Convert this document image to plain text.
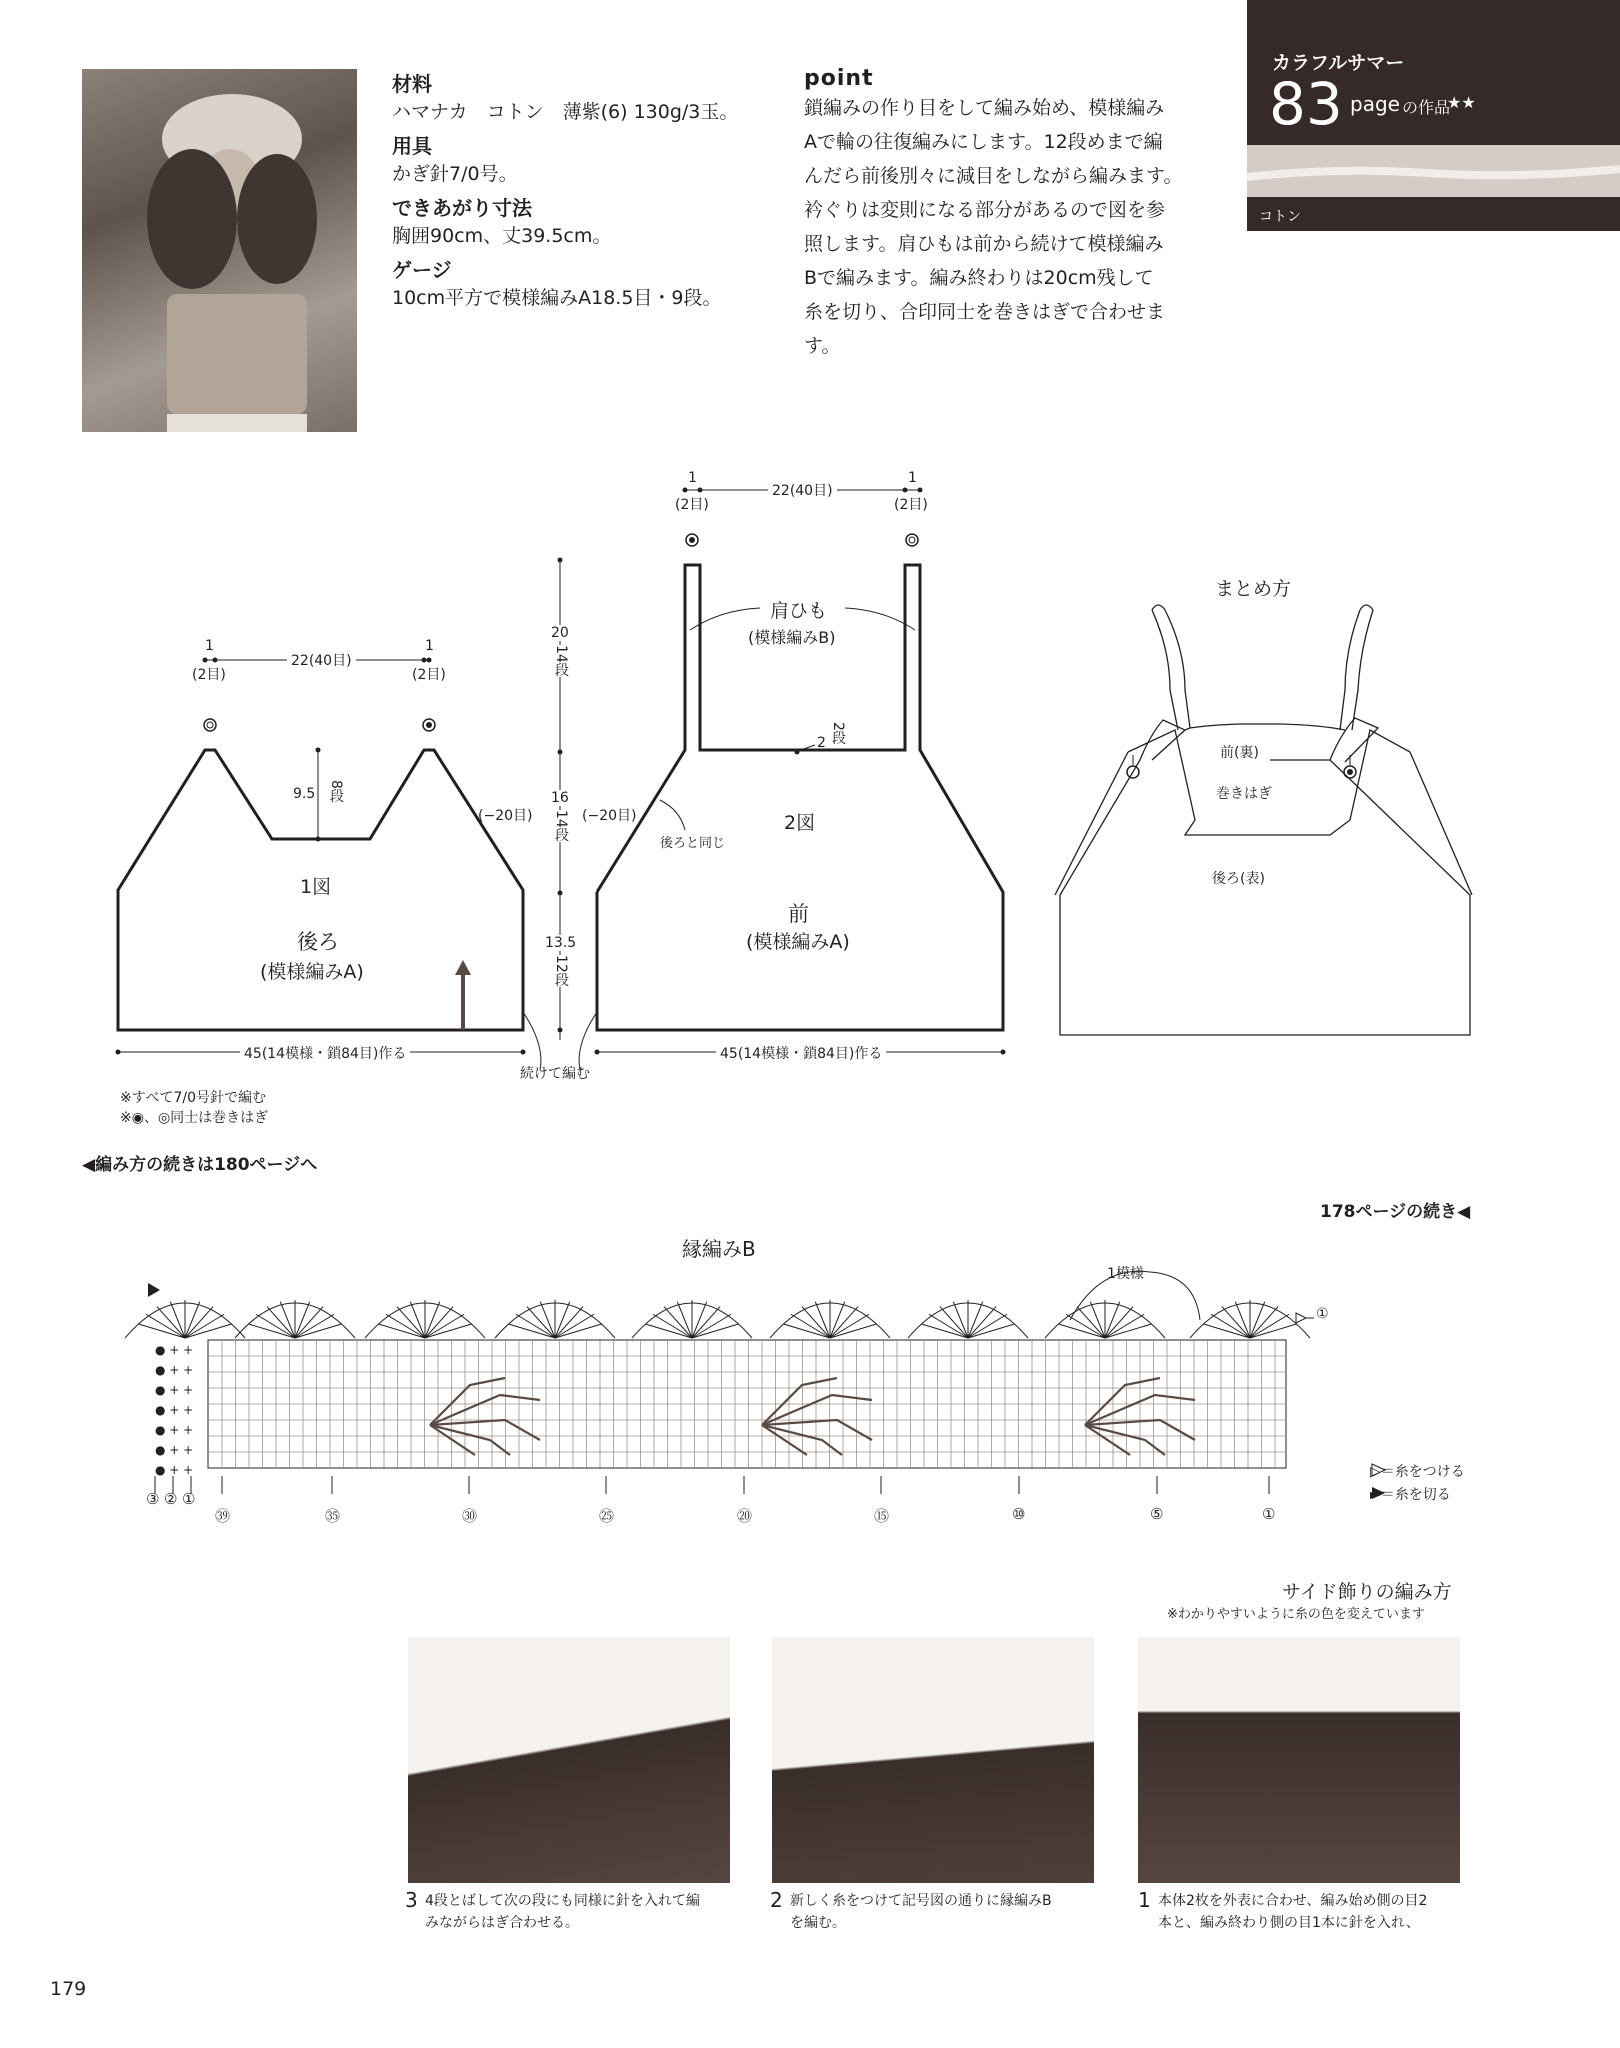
材料
ハマナカ　コトン　薄紫(6) 130g/3玉。
用具
かぎ針7/0号。
できあがり寸法
胸囲90cm、丈39.5cm。
ゲージ
10cm平方で模様編みA18.5目・9段。
point
鎖編みの作り目をして編み始め、模様編み
Aで輪の往復編みにします。12段めまで編
んだら前後別々に減目をしながら編みます。
衿ぐりは変則になる部分があるので図を参
照します。肩ひもは前から続けて模様編み
Bで編みます。編み終わりは20cm残して
糸を切り、合印同士を巻きはぎで合わせま
す。
カラフルサマー
83 page の作品
★★
コトン
1
(2目)
22(40目)
1
(2目)
9.5 8段
(−20目)
1図
後ろ
(模様編みA)
45(14模様・鎖84目)作る
続けて編む
※すべて7/0号針で編む
※◉、◎同士は巻きはぎ
20
14段
16
14段
13.5
12段
1
(2目)
22(40目)
1
(2目)
肩ひも
(模様編みB)
2 2段
(−20目)
後ろと同じ
2図
前
(模様編みA)
45(14模様・鎖84目)作る
まとめ方
前(裏)
巻きはぎ
後ろ(表)
◀編み方の続きは180ページへ
178ページの続き◀
縁編みB
1模様
①
● + +
● + +
● + +
● + +
● + +
● + +
● + +
㊴	㉟	㉚	㉕	⑳	⑮	⑩	⑤	①
③ ② ①
▷＝糸をつける
►＝糸を切る
サイド飾りの編み方
※わかりやすいように糸の色を変えています
3 4段とばして次の段にも同様に針を入れて編
みながらはぎ合わせる。
2 新しく糸をつけて記号図の通りに縁編みB
を編む。
1 本体2枚を外表に合わせ、編み始め側の目2
本と、編み終わり側の目1本に針を入れ、
179
